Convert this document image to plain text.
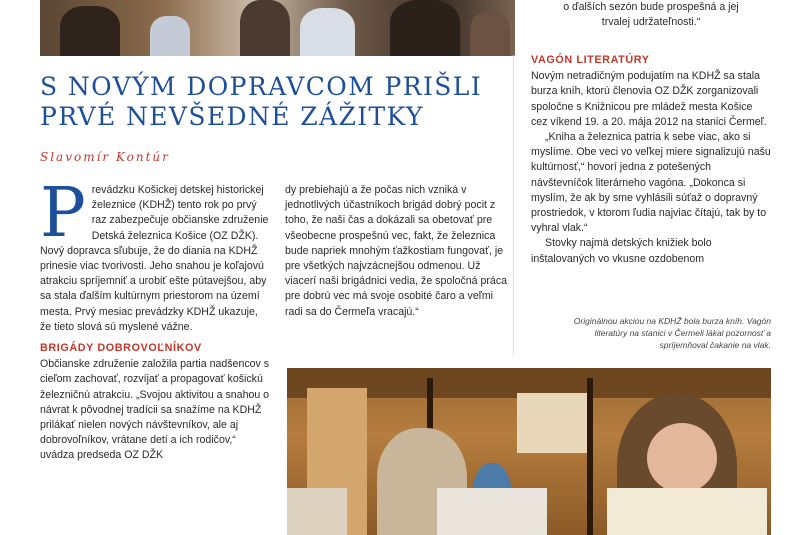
o ďalších sezón bude prospešná a jej
trvalej udržateľnosti.“
S NOVÝM DOPRAVCOM PRIŠLI
PRVÉ NEVŠEDNÉ ZÁŽITKY
Slavomír Kontúr

P revádzku Košickej detskej historickej železnice (KDHŽ) tento rok po prvý raz zabezpečuje občianske združenie Detská železnica Košice (OZ DŽK). Nový dopravca sľubuje, že do diania na KDHŽ prinesie viac tvorivosti. Jeho snahou je koľajovú atrakciu spríjemniť a urobiť ešte pútavejšou, aby sa stala ďalším kultúrnym priestorom na území mesta. Prvý mesiac prevádzky KDHŽ ukazuje, že tieto slová sú myslené vážne.

BRIGÁDY DOBROVOĽNÍKOV

Občianske združenie založila partia nadšencov s cieľom zachovať, rozvíjať a propagovať košickú železničnú atrakciu. „Svojou aktivitou a snahou o návrat k pôvodnej tradícii sa snažíme na KDHŽ prilákať nielen nových návštevníkov, ale aj dobrovoľníkov, vrátane detí a ich rodičov,“ uvádza predseda OZ DŽK

dy prebiehajú a že počas nich vzniká v jednotlivých účastníkoch brigád dobrý pocit z toho, že naši čas a dokázali sa obetovať pre všeobecne prospešnú vec, fakt, že železnica bude napriek mnohým ťažkostiam fungovať, je pre všetkých najvzácnejšou odmenou. Už viacerí naši brigádnici vedia, že spoločná práca pre dobrú vec má svoje osobité čaro a veľmi radi sa do Čermeľa vracajú.“

VAGÓN LITERATÚRY

Novým netradičným podujatím na KDHŽ sa stala burza kníh, ktorú členovia OZ DŽK zorganizovali spoločne s Knižnicou pre mládež mesta Košice cez víkend 19. a 20. mája 2012 na stanici Čermeľ.

„Kniha a železnica patria k sebe viac, ako si myslíme. Obe veci vo veľkej miere signalizujú našu kultúrnosť,“ hovorí jedna z potešených návštevníčok literárneho vagóna. „Dokonca si myslím, že ak by sme vyhlásili súťaž o dopravný prostriedok, v ktorom ľudia najviac čítajú, tak by to vyhral vlak.“

Stovky najmä detských knižiek bolo inštalovaných vo vkusne ozdobenom

Originálnou akciou na KDHŽ bola burza kníh. Vagón literatúry na stanici v Čermeli lákal pozornosť a spríjemňoval čakanie na vlak.
